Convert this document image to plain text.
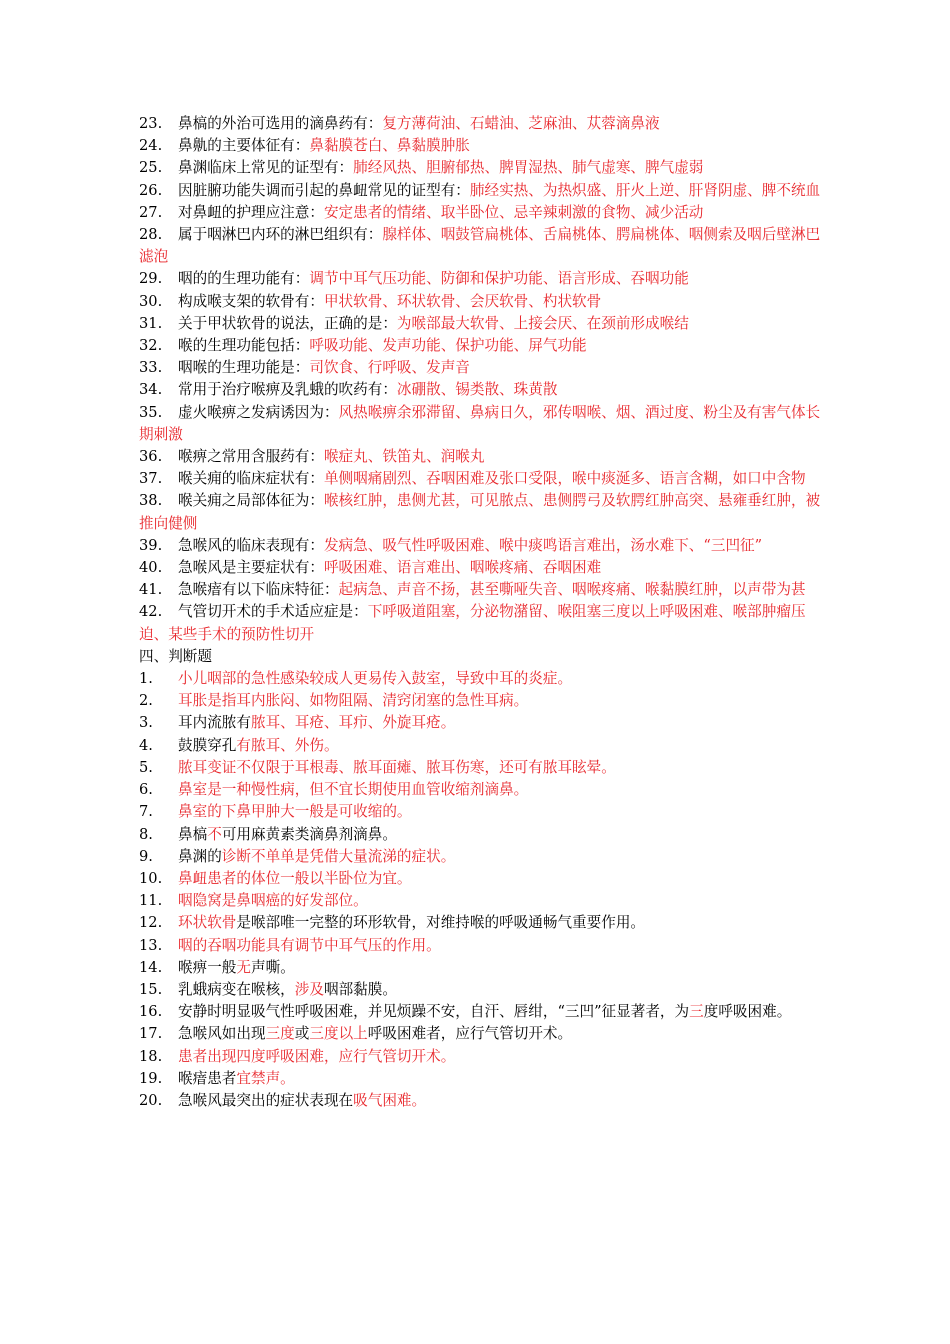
23. 鼻槁的外治可选用的滴鼻药有：复方薄荷油、石蜡油、芝麻油、苁蓉滴鼻液
24. 鼻鼽的主要体征有：鼻黏膜苍白、鼻黏膜肿胀
25. 鼻渊临床上常见的证型有：肺经风热、胆腑郁热、脾胃湿热、肺气虚寒、脾气虚弱
26. 因脏腑功能失调而引起的鼻衄常见的证型有：肺经实热、为热炽盛、肝火上逆、肝肾阴虚、脾不统血
27. 对鼻衄的护理应注意：安定患者的情绪、取半卧位、忌辛辣刺激的食物、减少活动
28. 属于咽淋巴内环的淋巴组织有：腺样体、咽鼓管扁桃体、舌扁桃体、腭扁桃体、咽侧索及咽后壁淋巴滤泡
29. 咽的的生理功能有：调节中耳气压功能、防御和保护功能、语言形成、吞咽功能
30. 构成喉支架的软骨有：甲状软骨、环状软骨、会厌软骨、杓状软骨
31. 关于甲状软骨的说法，正确的是：为喉部最大软骨、上接会厌、在颈前形成喉结
32. 喉的生理功能包括：呼吸功能、发声功能、保护功能、屏气功能
33. 咽喉的生理功能是：司饮食、行呼吸、发声音
34. 常用于治疗喉痹及乳蛾的吹药有：冰硼散、锡类散、珠黄散
35. 虚火喉痹之发病诱因为：风热喉痹余邪滞留、鼻病日久，邪传咽喉、烟、酒过度、粉尘及有害气体长期刺激
36. 喉痹之常用含服药有：喉症丸、铁笛丸、润喉丸
37. 喉关痈的临床症状有：单侧咽痛剧烈、吞咽困难及张口受限，喉中痰涎多、语言含糊，如口中含物
38. 喉关痈之局部体征为：喉核红肿，患侧尤甚，可见脓点、患侧腭弓及软腭红肿高突、悬雍垂红肿，被推向健侧
39. 急喉风的临床表现有：发病急、吸气性呼吸困难、喉中痰鸣语言难出，汤水难下、“三凹征”
40. 急喉风是主要症状有：呼吸困难、语言难出、咽喉疼痛、吞咽困难
41. 急喉瘖有以下临床特征：起病急、声音不扬，甚至嘶哑失音、咽喉疼痛、喉黏膜红肿，以声带为甚
42. 气管切开术的手术适应症是：下呼吸道阻塞，分泌物潴留、喉阻塞三度以上呼吸困难、喉部肿瘤压迫、某些手术的预防性切开
四、判断题
1. 小儿咽部的急性感染较成人更易传入鼓室，导致中耳的炎症。
2. 耳胀是指耳内胀闷、如物阻隔、清窍闭塞的急性耳病。
3. 耳内流脓有脓耳、耳疮、耳疖、外旋耳疮。
4. 鼓膜穿孔有脓耳、外伤。
5. 脓耳变证不仅限于耳根毒、脓耳面瘫、脓耳伤寒，还可有脓耳眩晕。
6. 鼻室是一种慢性病，但不宜长期使用血管收缩剂滴鼻。
7. 鼻室的下鼻甲肿大一般是可收缩的。
8. 鼻槁不可用麻黄素类滴鼻剂滴鼻。
9. 鼻渊的诊断不单单是凭借大量流涕的症状。
10. 鼻衄患者的体位一般以半卧位为宜。
11. 咽隐窝是鼻咽癌的好发部位。
12. 环状软骨是喉部唯一完整的环形软骨，对维持喉的呼吸通畅气重要作用。
13. 咽的吞咽功能具有调节中耳气压的作用。
14. 喉痹一般无声嘶。
15. 乳蛾病变在喉核，涉及咽部黏膜。
16. 安静时明显吸气性呼吸困难，并见烦躁不安，自汗、唇绀，“三凹”征显著者，为三度呼吸困难。
17. 急喉风如出现三度或三度以上呼吸困难者，应行气管切开术。
18. 患者出现四度呼吸困难，应行气管切开术。
19. 喉瘖患者宜禁声。
20. 急喉风最突出的症状表现在吸气困难。
